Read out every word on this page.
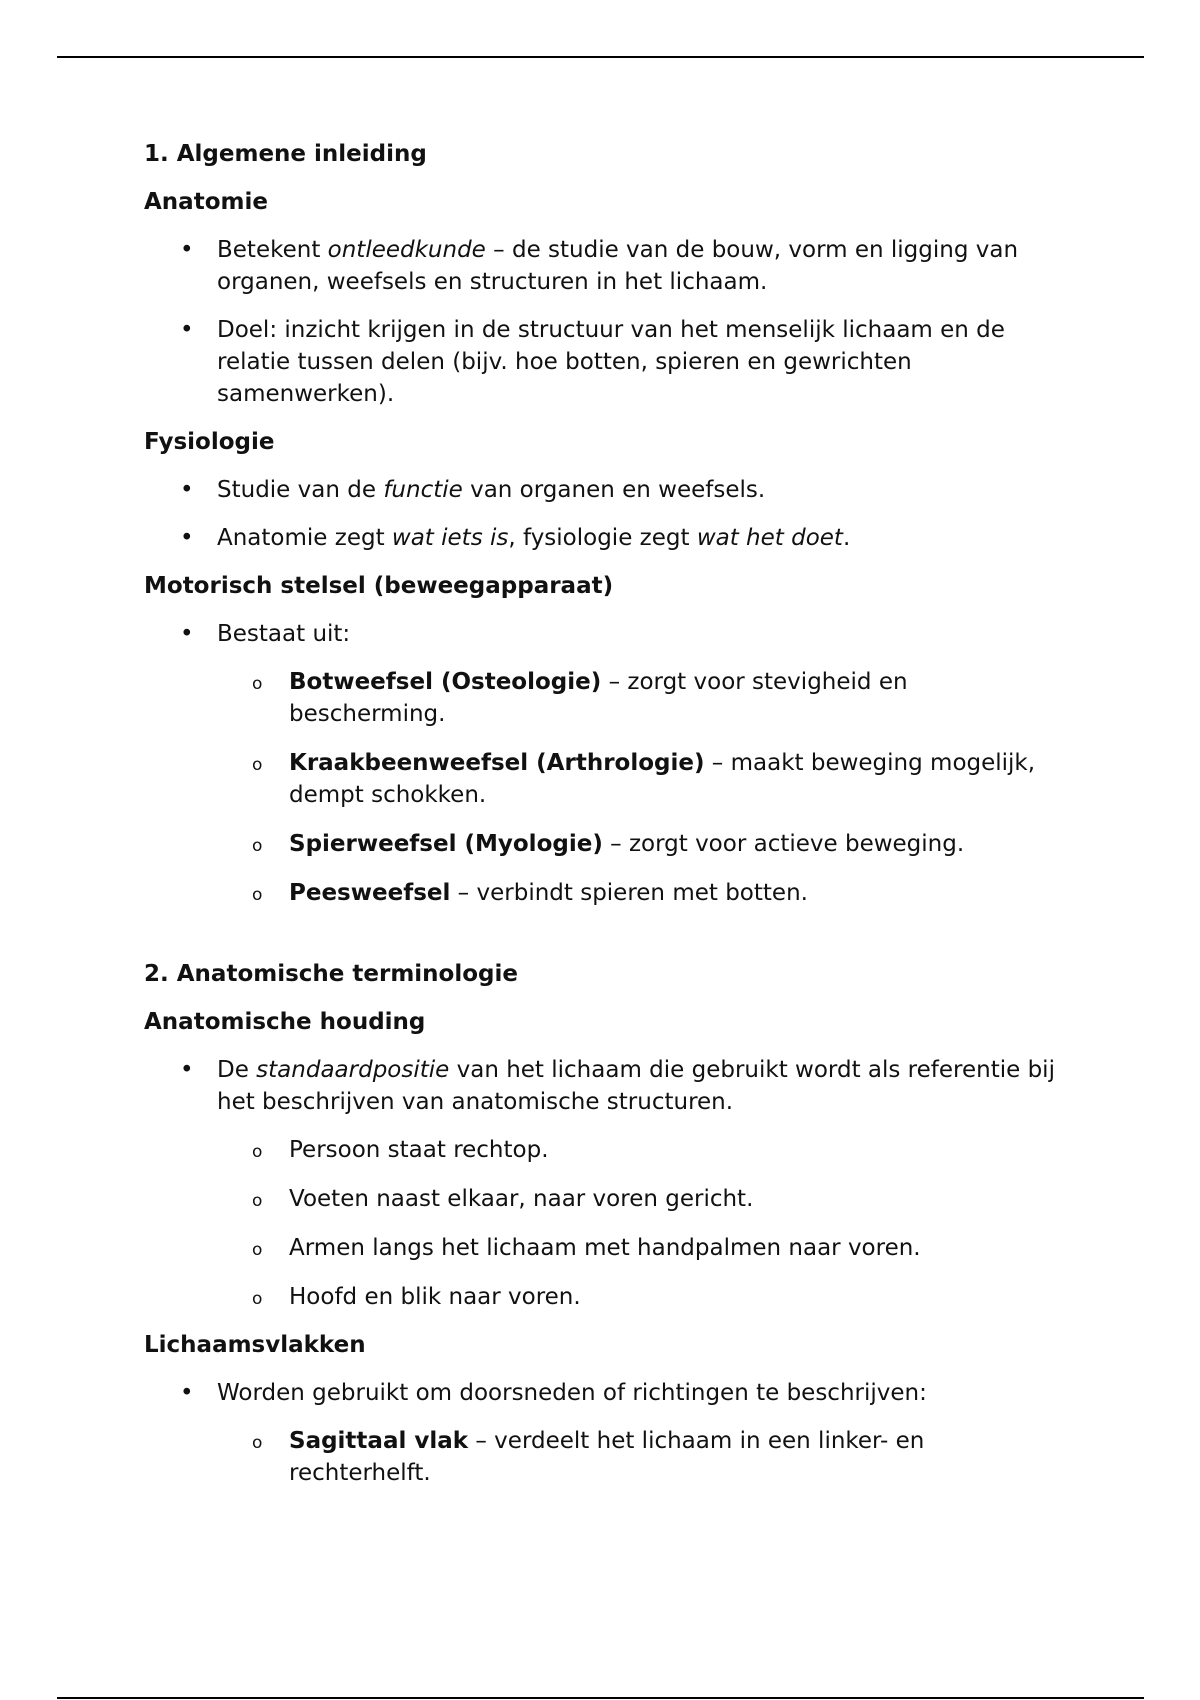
1. Algemene inleiding
Anatomie
• Betekent ontleedkunde – de studie van de bouw, vorm en ligging van organen, weefsels en structuren in het lichaam.
• Doel: inzicht krijgen in de structuur van het menselijk lichaam en de relatie tussen delen (bijv. hoe botten, spieren en gewrichten samenwerken).
Fysiologie
• Studie van de functie van organen en weefsels.
• Anatomie zegt wat iets is, fysiologie zegt wat het doet.
Motorisch stelsel (beweegapparaat)
• Bestaat uit:
o	Botweefsel (Osteologie) – zorgt voor stevigheid en bescherming.
o	Kraakbeenweefsel (Arthrologie) – maakt beweging mogelijk, dempt schokken.
o	Spierweefsel (Myologie) – zorgt voor actieve beweging.
o	Peesweefsel – verbindt spieren met botten.
2. Anatomische terminologie
Anatomische houding
• De standaardpositie van het lichaam die gebruikt wordt als referentie bij het beschrijven van anatomische structuren.
o	Persoon staat rechtop.
o	Voeten naast elkaar, naar voren gericht.
o	Armen langs het lichaam met handpalmen naar voren.
o	Hoofd en blik naar voren.
Lichaamsvlakken
• Worden gebruikt om doorsneden of richtingen te beschrijven:
o	Sagittaal vlak – verdeelt het lichaam in een linker- en rechterhelft.
